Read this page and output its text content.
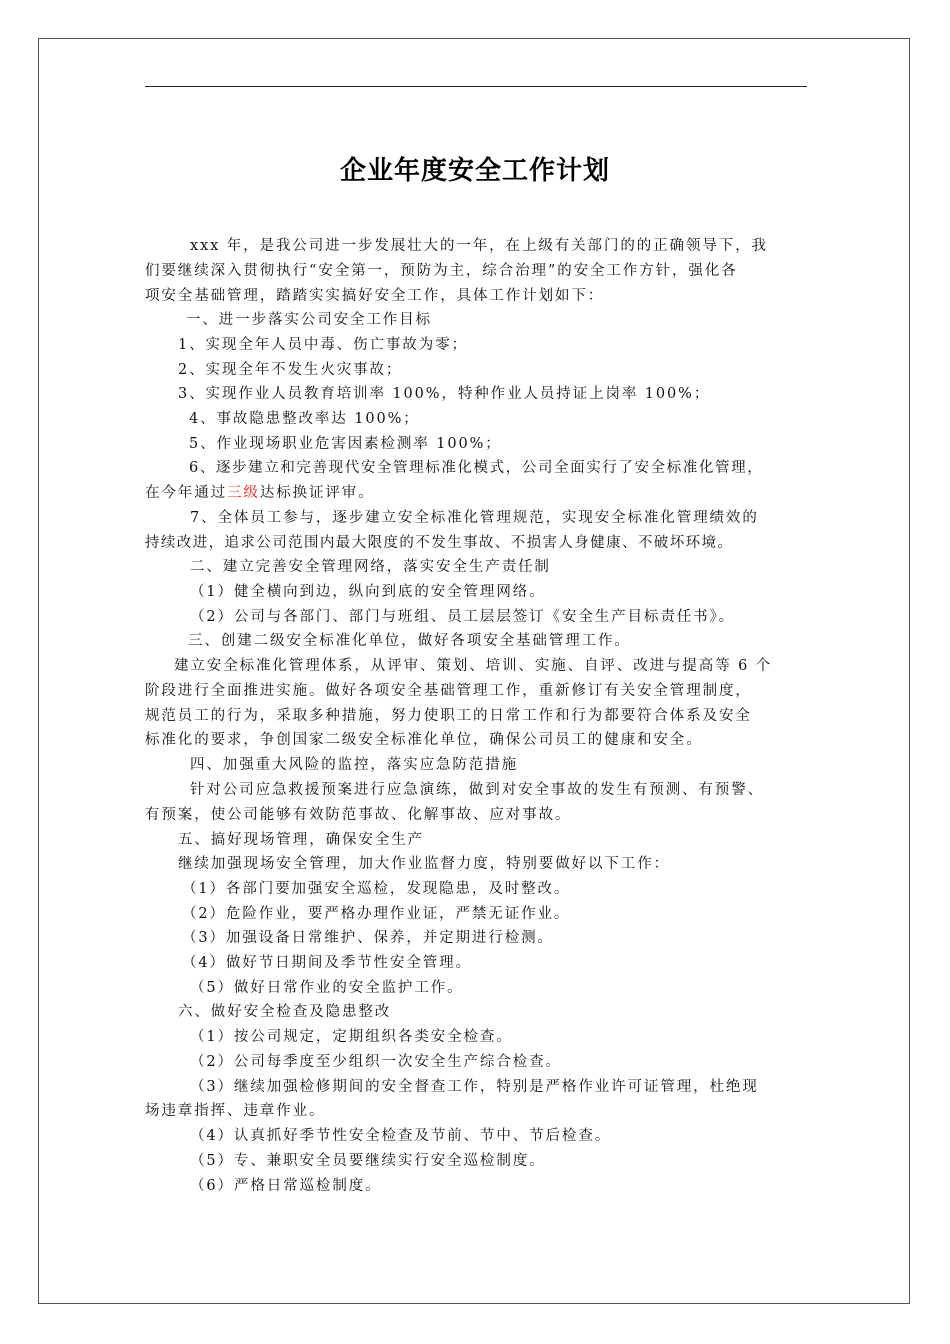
企业年度安全工作计划
xxx 年，是我公司进一步发展壮大的一年，在上级有关部门的的正确领导下，我
们要继续深入贯彻执行“安全第一，预防为主，综合治理”的安全工作方针，强化各
项安全基础管理，踏踏实实搞好安全工作，具体工作计划如下：
一、进一步落实公司安全工作目标
1、实现全年人员中毒、伤亡事故为零；
2、实现全年不发生火灾事故；
3、实现作业人员教育培训率 100%，特种作业人员持证上岗率 100%；
4、事故隐患整改率达 100%；
5、作业现场职业危害因素检测率 100%；
6、逐步建立和完善现代安全管理标准化模式，公司全面实行了安全标准化管理，
在今年通过三级达标换证评审。
7、全体员工参与，逐步建立安全标准化管理规范，实现安全标准化管理绩效的
持续改进，追求公司范围内最大限度的不发生事故、不损害人身健康、不破坏环境。
二、建立完善安全管理网络，落实安全生产责任制
（1）健全横向到边，纵向到底的安全管理网络。
（2）公司与各部门、部门与班组、员工层层签订《安全生产目标责任书》。
三、创建二级安全标准化单位，做好各项安全基础管理工作。
建立安全标准化管理体系，从评审、策划、培训、实施、自评、改进与提高等 6 个
阶段进行全面推进实施。做好各项安全基础管理工作，重新修订有关安全管理制度，
规范员工的行为，采取多种措施，努力使职工的日常工作和行为都要符合体系及安全
标准化的要求，争创国家二级安全标准化单位，确保公司员工的健康和安全。
四、加强重大风险的监控，落实应急防范措施
针对公司应急救援预案进行应急演练，做到对安全事故的发生有预测、有预警、
有预案，使公司能够有效防范事故、化解事故、应对事故。
五、搞好现场管理，确保安全生产
继续加强现场安全管理，加大作业监督力度，特别要做好以下工作：
（1）各部门要加强安全巡检，发现隐患，及时整改。
（2）危险作业，要严格办理作业证，严禁无证作业。
（3）加强设备日常维护、保养，并定期进行检测。
（4）做好节日期间及季节性安全管理。
（5）做好日常作业的安全监护工作。
六、做好安全检查及隐患整改
（1）按公司规定，定期组织各类安全检查。
（2）公司每季度至少组织一次安全生产综合检查。
（3）继续加强检修期间的安全督查工作，特别是严格作业许可证管理，杜绝现
场违章指挥、违章作业。
（4）认真抓好季节性安全检查及节前、节中、节后检查。
（5）专、兼职安全员要继续实行安全巡检制度。
（6）严格日常巡检制度。
